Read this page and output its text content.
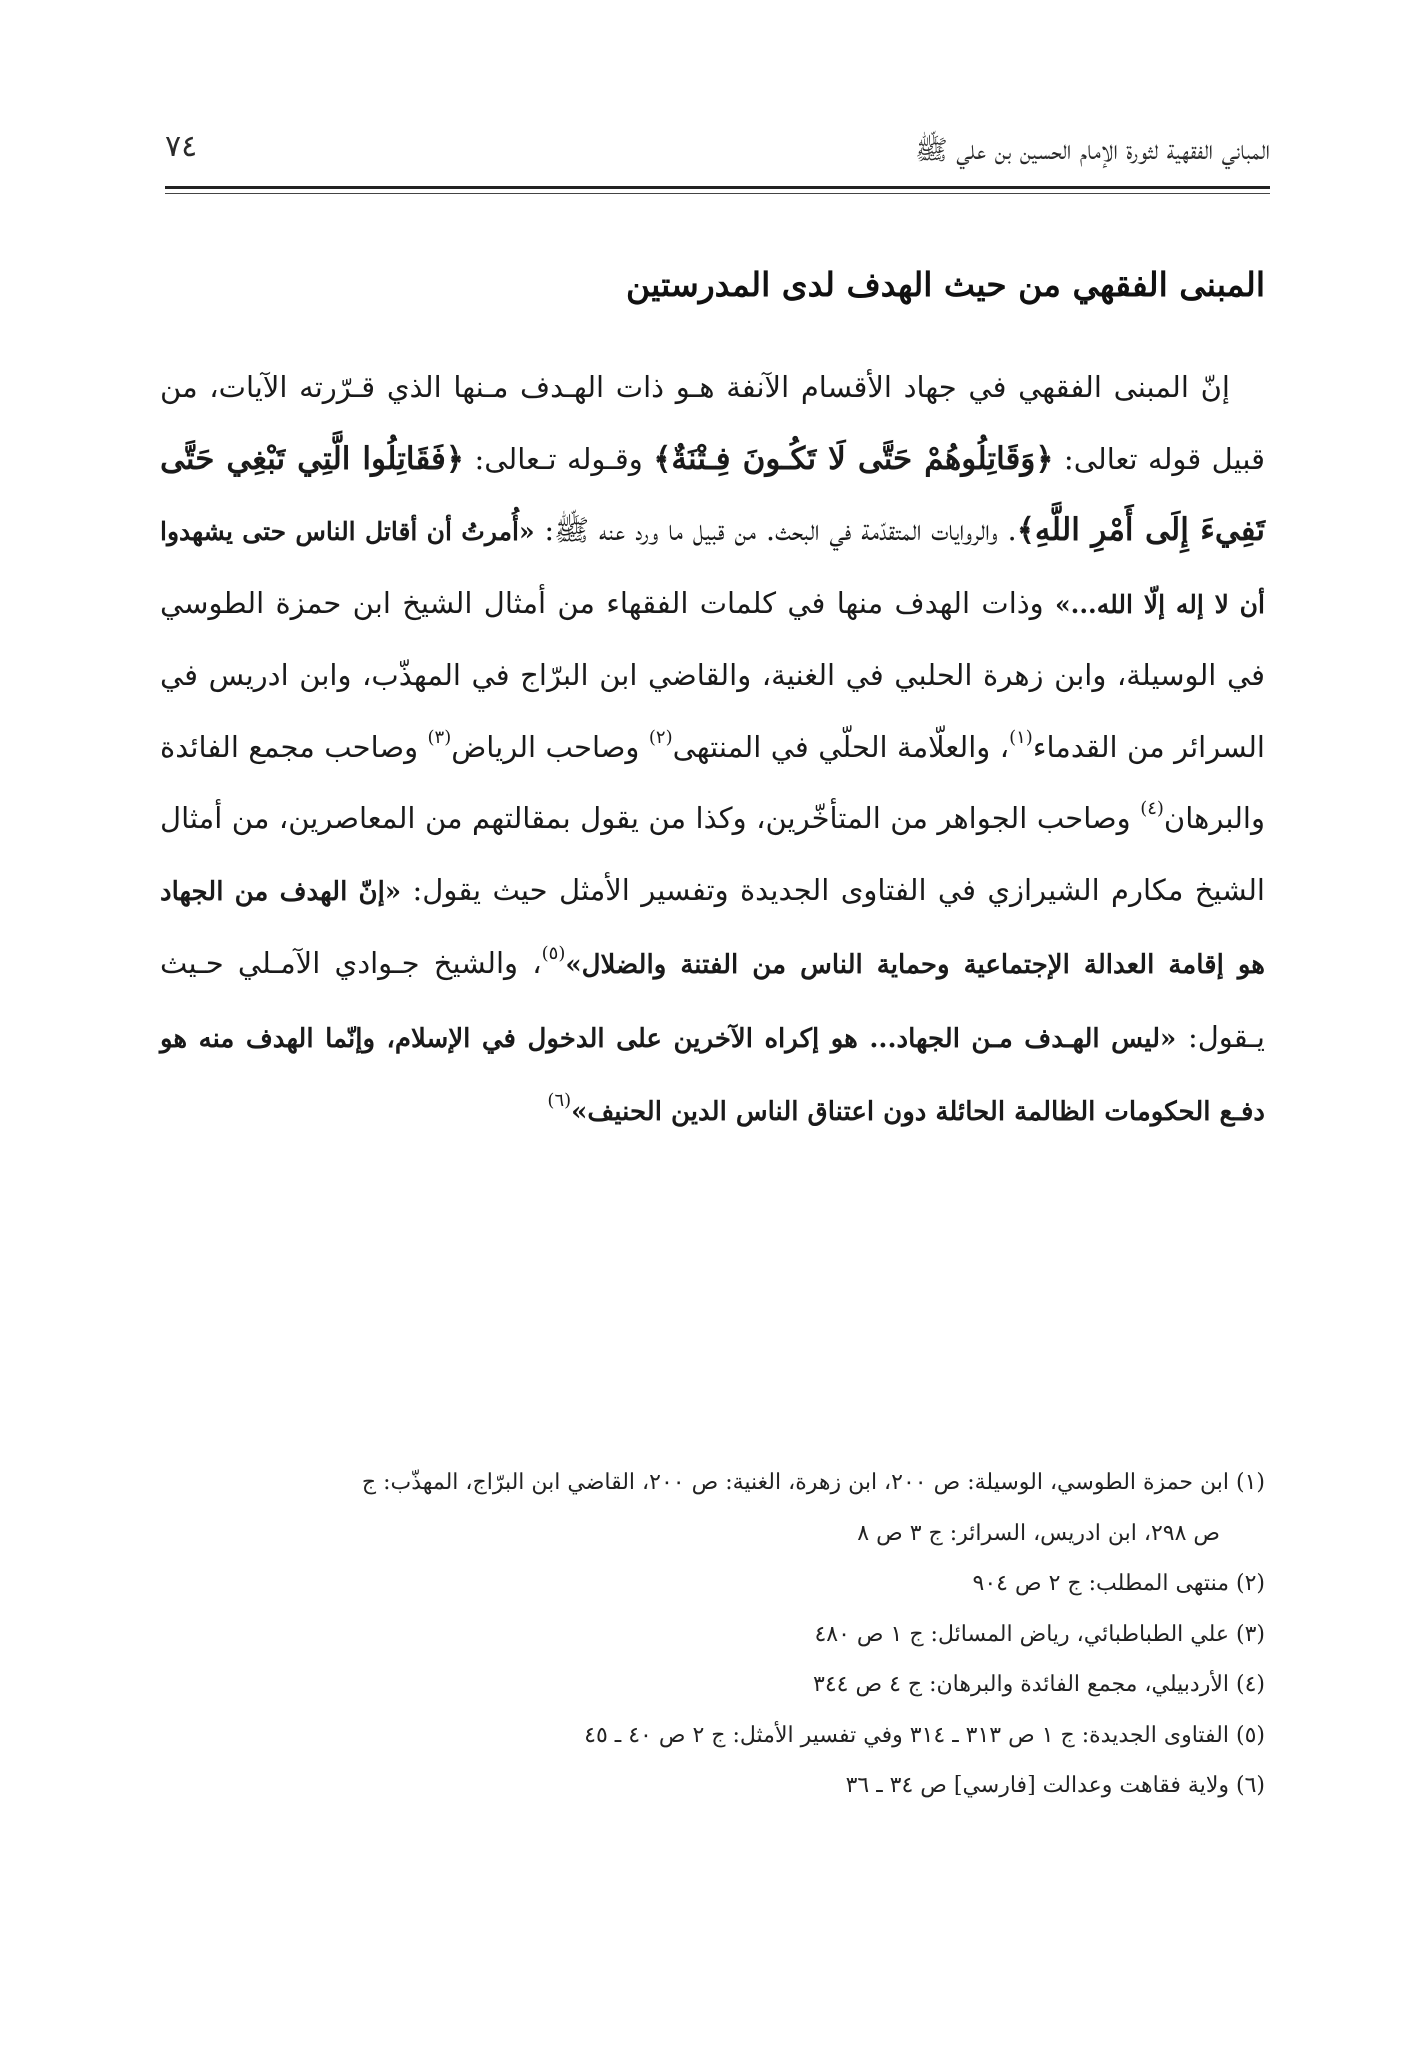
المباني الفقهية لثورة الإمام الحسين بن علي ﷺ
٧٤
المبنى الفقهي من حيث الهدف لدى المدرستين

إنّ المبنى الفقهي في جهاد الأقسام الآنفة هـو ذات الهـدف مـنها الذي قـرّرته الآيات، من قبيل قوله تعالى: ﴿وَقَاتِلُوهُمْ حَتَّى لَا تَكُـونَ فِـتْنَةٌ﴾ وقـوله تـعالى: ﴿فَقَاتِلُوا الَّتِي تَبْغِي حَتَّى تَفِيءَ إِلَى أَمْرِ اللَّهِ﴾. والروايات المتقدّمة في البحث. من قبيل ما ورد عنه ﷺ: «أُمرتُ أن أقاتل الناس حتى يشهدوا أن لا إله إلّا الله...» وذات الهدف منها في كلمات الفقهاء من أمثال الشيخ ابن حمزة الطوسي في الوسيلة، وابن زهرة الحلبي في الغنية، والقاضي ابن البرّاج في المهذّب، وابن ادريس في السرائر من القدماء$^{(١)}$، والعلّامة الحلّي في المنتهى$^{(٢)}$ وصاحب الرياض$^{(٣)}$ وصاحب مجمع الفائدة والبرهان$^{(٤)}$ وصاحب الجواهر من المتأخّرين، وكذا من يقول بمقالتهم من المعاصرين، من أمثال الشيخ مكارم الشيرازي في الفتاوى الجديدة وتفسير الأمثل حيث يقول: «إنّ الهدف من الجهاد هو إقامة العدالة الإجتماعية وحماية الناس من الفتنة والضلال»$^{(٥)}$، والشيخ جـوادي الآمـلي حـيث يـقول: «ليس الهـدف مـن الجهاد... هو إكراه الآخرين على الدخول في الإسلام، وإنّما الهدف منه هو دفـع الحكومات الظالمة الحائلة دون اعتناق الناس الدين الحنيف»$^{(٦)}$

(١) ابن حمزة الطوسي، الوسيلة: ص ٢٠٠، ابن زهرة، الغنية: ص ٢٠٠، القاضي ابن البرّاج، المهذّب: ج
ص ٢٩٨، ابن ادريس، السرائر: ج ٣ ص ٨
(٢) منتهى المطلب: ج ٢ ص ٩٠٤
(٣) علي الطباطبائي، رياض المسائل: ج ١ ص ٤٨٠
(٤) الأردبيلي، مجمع الفائدة والبرهان: ج ٤ ص ٣٤٤
(٥) الفتاوى الجديدة: ج ١ ص ٣١٣ ـ ٣١٤ وفي تفسير الأمثل: ج ٢ ص ٤٠ ـ ٤٥
(٦) ولاية فقاهت وعدالت [فارسي] ص ٣٤ ـ ٣٦
